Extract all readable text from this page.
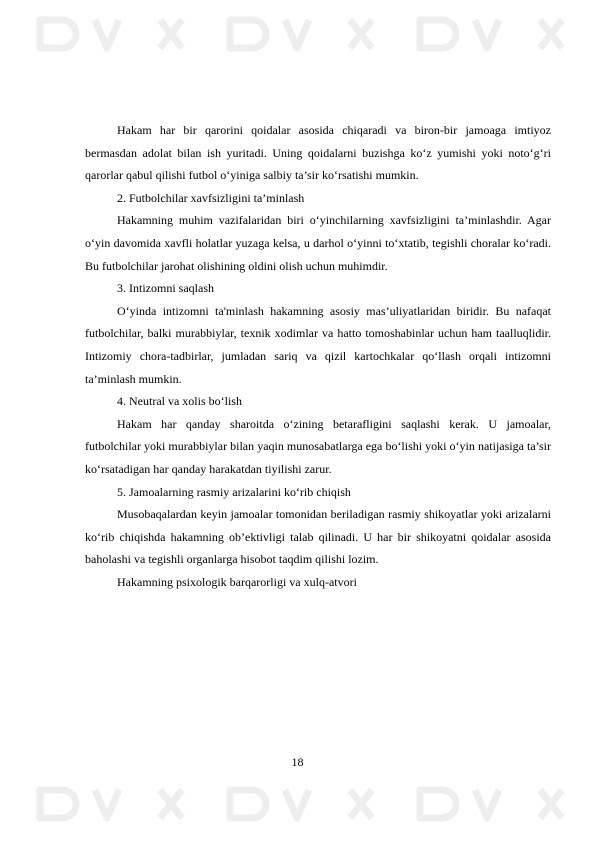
Hakam har bir qarorini qoidalar asosida chiqaradi va biron-bir jamoaga imtiyoz bermasdan adolat bilan ish yuritadi. Uning qoidalarni buzishga ko‘z yumishi yoki noto‘g‘ri qarorlar qabul qilishi futbol o‘yiniga salbiy ta’sir ko‘rsatishi mumkin.

2. Futbolchilar xavfsizligini ta’minlash

Hakamning muhim vazifalaridan biri o‘yinchilarning xavfsizligini ta’minlashdir. Agar o‘yin davomida xavfli holatlar yuzaga kelsa, u darhol o‘yinni to‘xtatib, tegishli choralar ko‘radi. Bu futbolchilar jarohat olishining oldini olish uchun muhimdir.

3. Intizomni saqlash

O‘yinda intizomni ta'minlash hakamning asosiy mas’uliyatlaridan biridir. Bu nafaqat futbolchilar, balki murabbiylar, texnik xodimlar va hatto tomoshabinlar uchun ham taalluqlidir. Intizomiy chora-tadbirlar, jumladan sariq va qizil kartochkalar qo‘llash orqali intizomni ta’minlash mumkin.

4. Neutral va xolis bo‘lish

Hakam har qanday sharoitda o‘zining betarafligini saqlashi kerak. U jamoalar, futbolchilar yoki murabbiylar bilan yaqin munosabatlarga ega bo‘lishi yoki o‘yin natijasiga ta’sir ko‘rsatadigan har qanday harakatdan tiyilishi zarur.

5. Jamoalarning rasmiy arizalarini ko‘rib chiqish

Musobaqalardan keyin jamoalar tomonidan beriladigan rasmiy shikoyatlar yoki arizalarni ko‘rib chiqishda hakamning ob’ektivligi talab qilinadi. U har bir shikoyatni qoidalar asosida baholashi va tegishli organlarga hisobot taqdim qilishi lozim.

Hakamning psixologik barqarorligi va xulq-atvori

18
